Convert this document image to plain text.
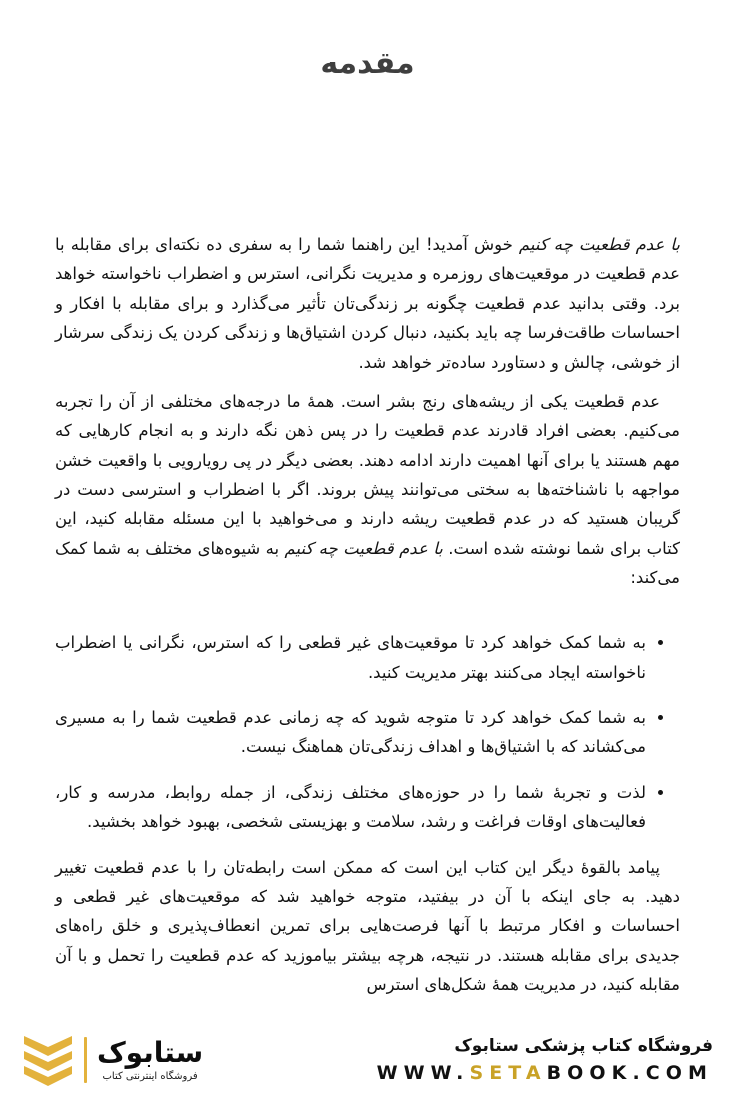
مقدمه

با عدم قطعیت چه کنیم خوش آمدید! این راهنما شما را به سفری ده نکته‌ای برای مقابله با عدم قطعیت در موقعیت‌های روزمره و مدیریت نگرانی، استرس و اضطراب ناخواسته خواهد برد. وقتی بدانید عدم قطعیت چگونه بر زندگی‌تان تأثیر می‌گذارد و برای مقابله با افکار و احساسات طاقت‌فرسا چه باید بکنید، دنبال کردن اشتیاق‌ها و زندگی کردن یک زندگی سرشار از خوشی، چالش و دستاورد ساده‌تر خواهد شد.

عدم قطعیت یکی از ریشه‌های رنج بشر است. همهٔ ما درجه‌های مختلفی از آن را تجربه می‌کنیم. بعضی افراد قادرند عدم قطعیت را در پس ذهن نگه دارند و به انجام کارهایی که مهم هستند یا برای آنها اهمیت دارند ادامه دهند. بعضی دیگر در پی رویارویی با واقعیت خشن مواجهه با ناشناخته‌ها به سختی می‌توانند پیش بروند. اگر با اضطراب و استرسی دست در گریبان هستید که در عدم قطعیت ریشه دارند و می‌خواهید با این مسئله مقابله کنید، این کتاب برای شما نوشته شده است. با عدم قطعیت چه کنیم به شیوه‌های مختلف به شما کمک می‌کند:

• به شما کمک خواهد کرد تا موقعیت‌های غیر قطعی را که استرس، نگرانی یا اضطراب ناخواسته ایجاد می‌کنند بهتر مدیریت کنید.
• به شما کمک خواهد کرد تا متوجه شوید که چه زمانی عدم قطعیت شما را به مسیری می‌کشاند که با اشتیاق‌ها و اهداف زندگی‌تان هماهنگ نیست.
• لذت و تجربهٔ شما را در حوزه‌های مختلف زندگی، از جمله روابط، مدرسه و کار، فعالیت‌های اوقات فراغت و رشد، سلامت و بهزیستی شخصی، بهبود خواهد بخشید.

پیامد بالقوهٔ دیگر این کتاب این است که ممکن است رابطه‌تان را با عدم قطعیت تغییر دهید. به جای اینکه با آن در بیفتید، متوجه خواهید شد که موقعیت‌های غیر قطعی و احساسات و افکار مرتبط با آنها فرصت‌هایی برای تمرین انعطاف‌پذیری و خلق راه‌های جدیدی برای مقابله هستند. در نتیجه، هرچه بیشتر بیاموزید که عدم قطعیت را تحمل و با آن مقابله کنید، در مدیریت همهٔ شکل‌های استرس

فروشگاه کتاب پزشکی ستابوک
WWW.SETABOOK.COM
ستابوک
فروشگاه اینترنتی کتاب
